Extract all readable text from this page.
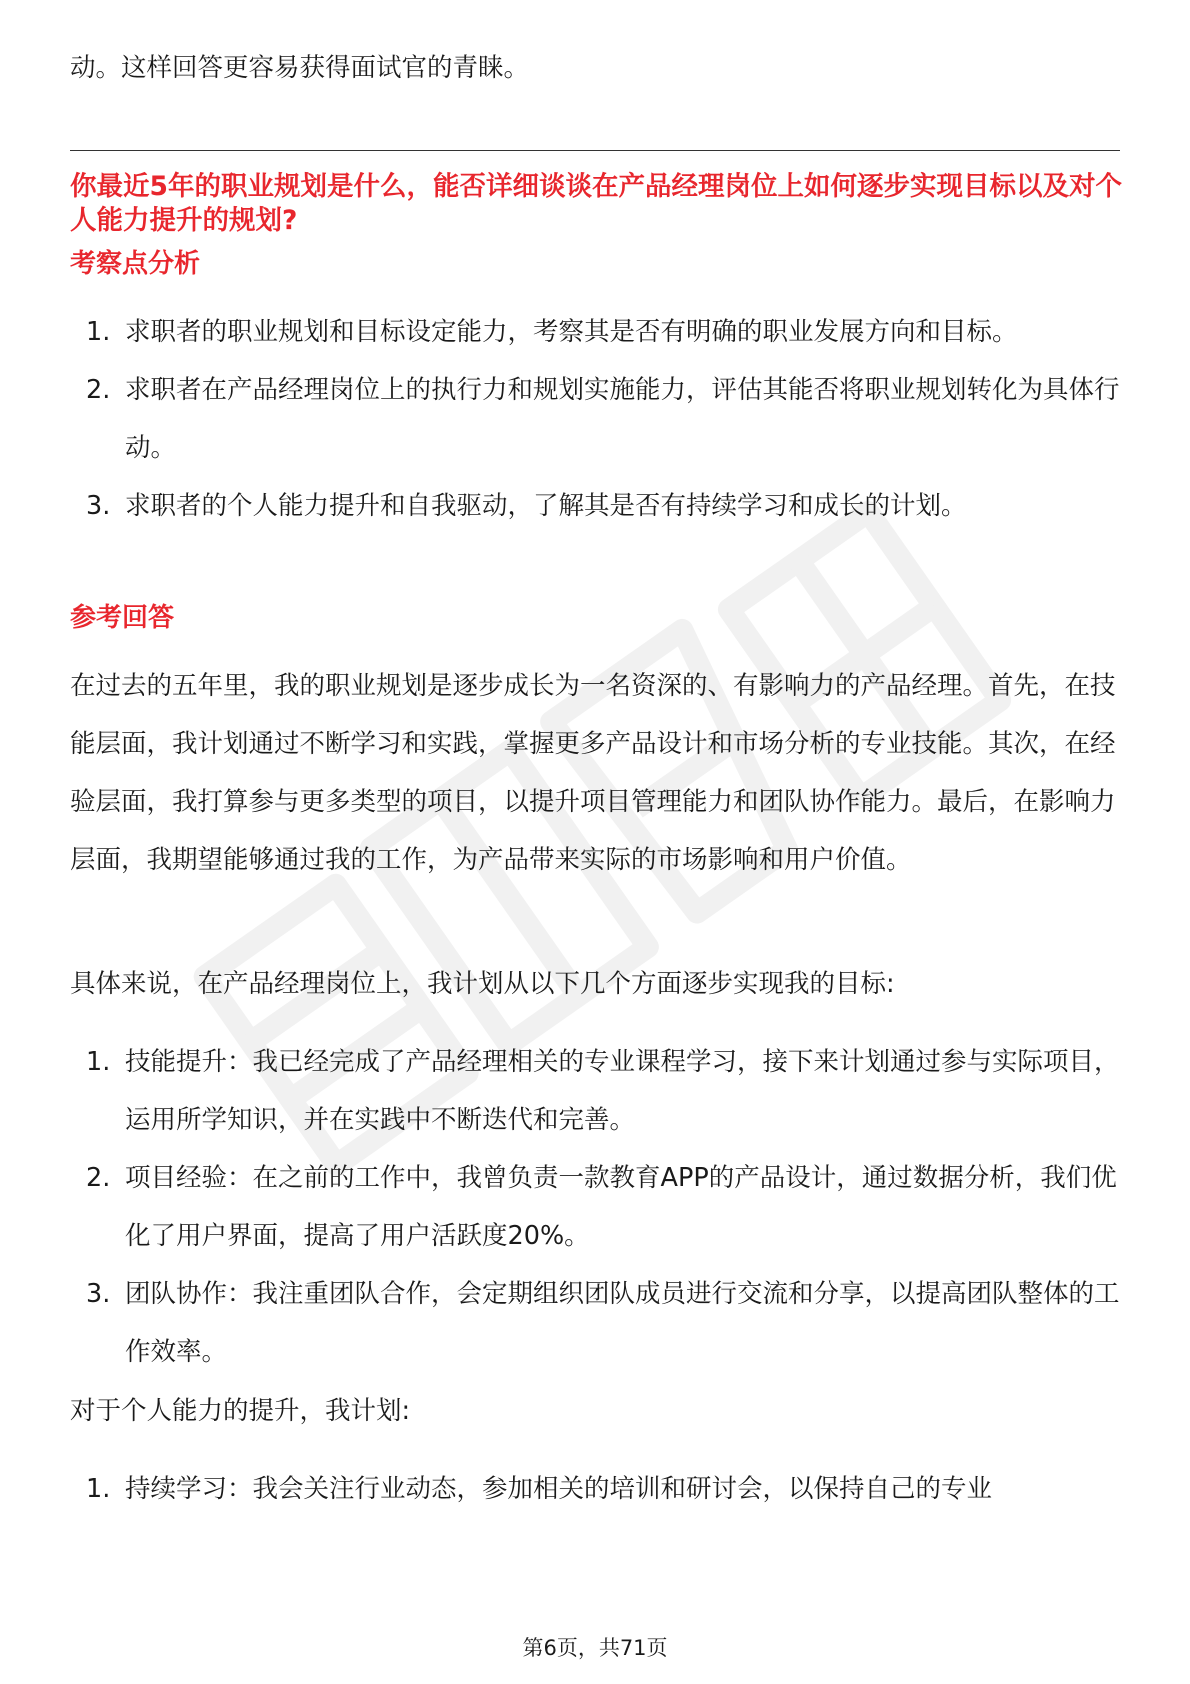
动。这样回答更容易获得面试官的青睐。
你最近5年的职业规划是什么，能否详细谈谈在产品经理岗位上如何逐步实现目标以及对个人能力提升的规划?
考察点分析
1. 求职者的职业规划和目标设定能力，考察其是否有明确的职业发展方向和目标。
2. 求职者在产品经理岗位上的执行力和规划实施能力，评估其能否将职业规划转化为具体行动。
3. 求职者的个人能力提升和自我驱动，了解其是否有持续学习和成长的计划。
参考回答
在过去的五年里，我的职业规划是逐步成长为一名资深的、有影响力的产品经理。首先，在技能层面，我计划通过不断学习和实践，掌握更多产品设计和市场分析的专业技能。其次，在经验层面，我打算参与更多类型的项目，以提升项目管理能力和团队协作能力。最后，在影响力层面，我期望能够通过我的工作，为产品带来实际的市场影响和用户价值。
具体来说，在产品经理岗位上，我计划从以下几个方面逐步实现我的目标:
1. 技能提升：我已经完成了产品经理相关的专业课程学习，接下来计划通过参与实际项目，运用所学知识，并在实践中不断迭代和完善。
2. 项目经验：在之前的工作中，我曾负责一款教育APP的产品设计，通过数据分析，我们优化了用户界面，提高了用户活跃度20%。
3. 团队协作：我注重团队合作，会定期组织团队成员进行交流和分享，以提高团队整体的工作效率。
对于个人能力的提升，我计划:
1. 持续学习：我会关注行业动态，参加相关的培训和研讨会，以保持自己的专业
第6页，共71页
